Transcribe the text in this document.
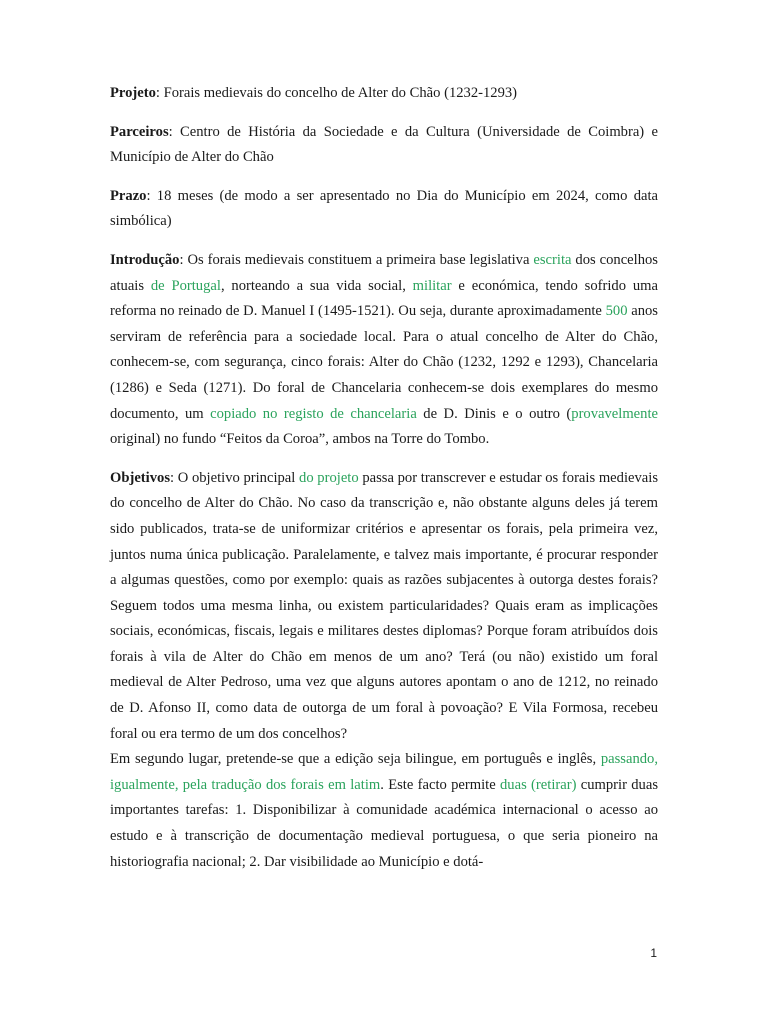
Projeto: Forais medievais do concelho de Alter do Chão (1232-1293)

Parceiros: Centro de História da Sociedade e da Cultura (Universidade de Coimbra) e Município de Alter do Chão

Prazo: 18 meses (de modo a ser apresentado no Dia do Município em 2024, como data simbólica)

Introdução: Os forais medievais constituem a primeira base legislativa escrita dos concelhos atuais de Portugal, norteando a sua vida social, militar e económica, tendo sofrido uma reforma no reinado de D. Manuel I (1495-1521). Ou seja, durante aproximadamente 500 anos serviram de referência para a sociedade local. Para o atual concelho de Alter do Chão, conhecem-se, com segurança, cinco forais: Alter do Chão (1232, 1292 e 1293), Chancelaria (1286) e Seda (1271). Do foral de Chancelaria conhecem-se dois exemplares do mesmo documento, um copiado no registo de chancelaria de D. Dinis e o outro (provavelmente original) no fundo “Feitos da Coroa”, ambos na Torre do Tombo.

Objetivos: O objetivo principal do projeto passa por transcrever e estudar os forais medievais do concelho de Alter do Chão. No caso da transcrição e, não obstante alguns deles já terem sido publicados, trata-se de uniformizar critérios e apresentar os forais, pela primeira vez, juntos numa única publicação. Paralelamente, e talvez mais importante, é procurar responder a algumas questões, como por exemplo: quais as razões subjacentes à outorga destes forais? Seguem todos uma mesma linha, ou existem particularidades? Quais eram as implicações sociais, económicas, fiscais, legais e militares destes diplomas? Porque foram atribuídos dois forais à vila de Alter do Chão em menos de um ano? Terá (ou não) existido um foral medieval de Alter Pedroso, uma vez que alguns autores apontam o ano de 1212, no reinado de D. Afonso II, como data de outorga de um foral à povoação? E Vila Formosa, recebeu foral ou era termo de um dos concelhos?

Em segundo lugar, pretende-se que a edição seja bilingue, em português e inglês, passando, igualmente, pela tradução dos forais em latim. Este facto permite duas (retirar) cumprir duas importantes tarefas: 1. Disponibilizar à comunidade académica internacional o acesso ao estudo e à transcrição de documentação medieval portuguesa, o que seria pioneiro na historiografia nacional; 2. Dar visibilidade ao Município e dotá-

1
